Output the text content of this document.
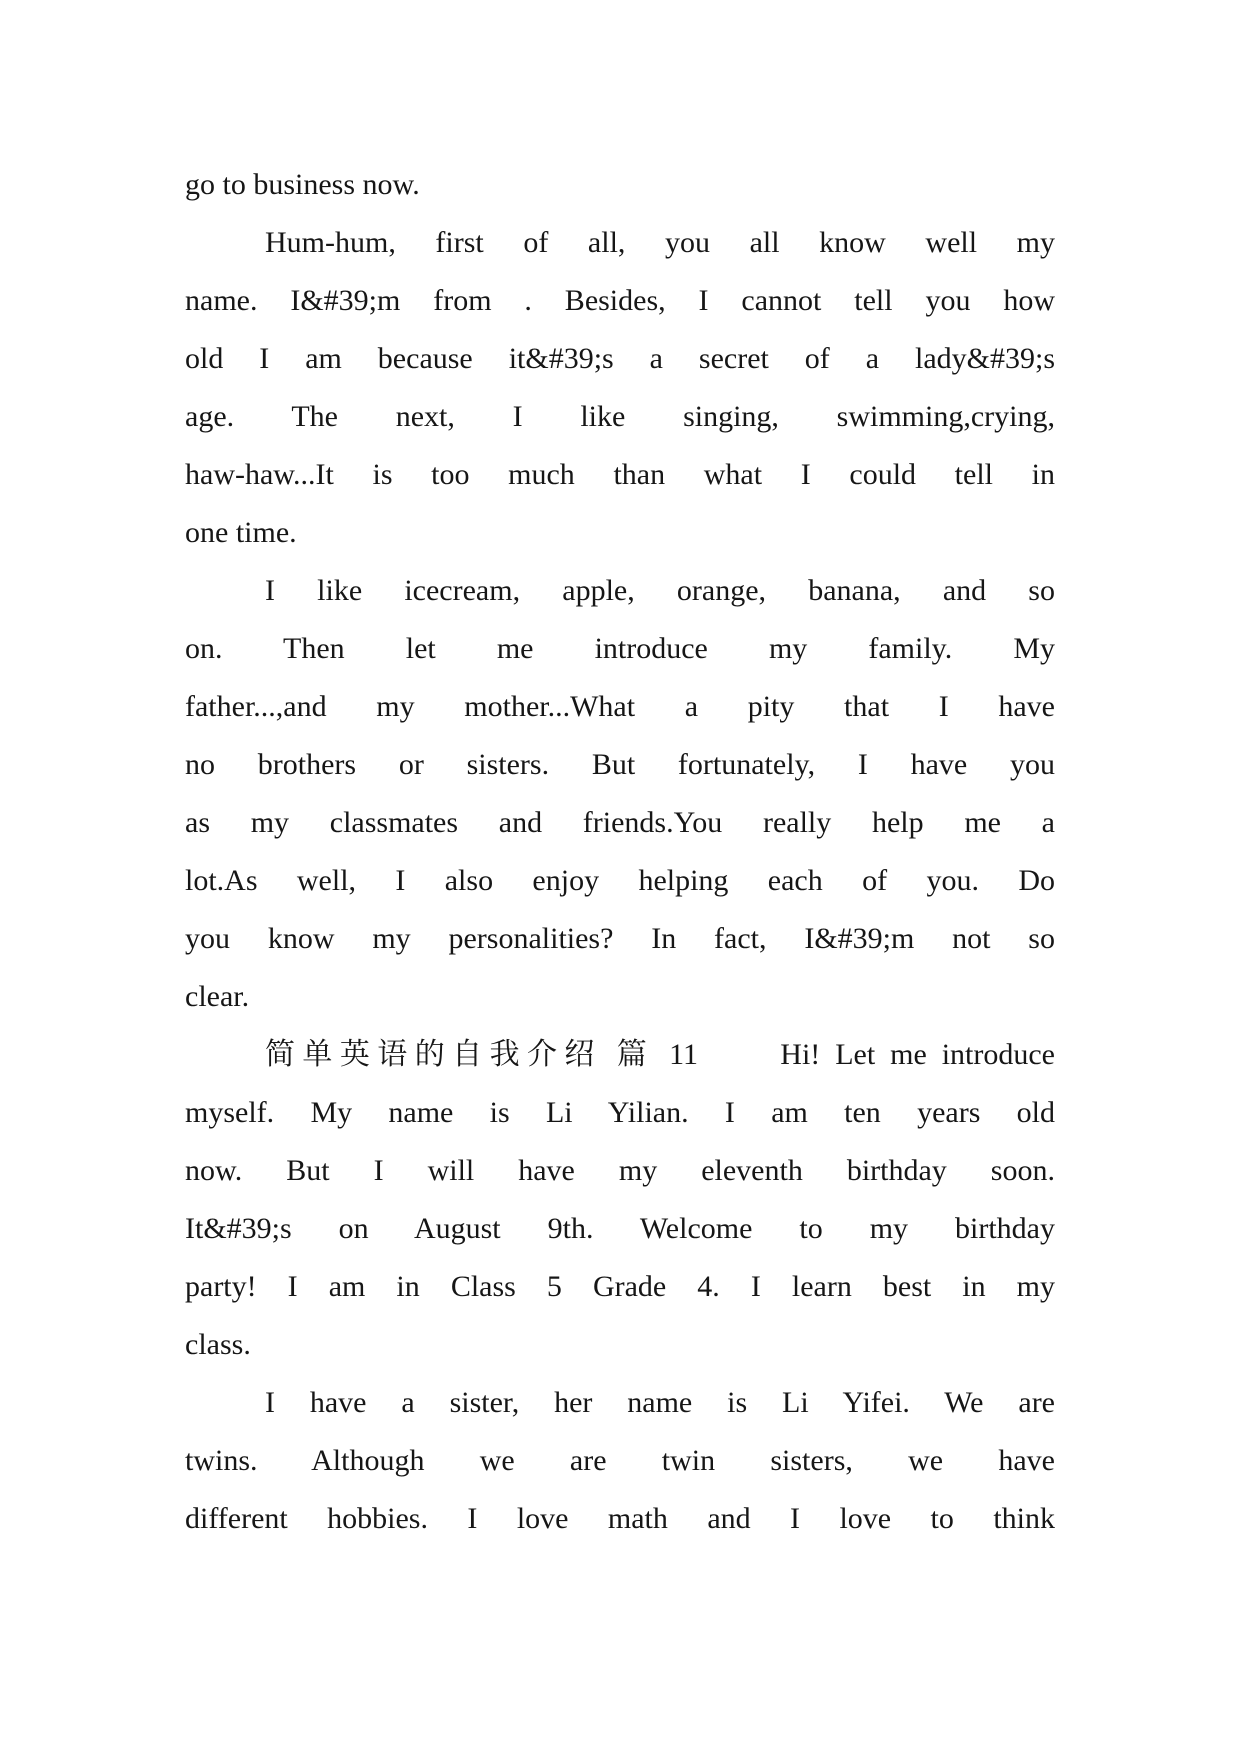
go to business now.
Hum-hum, first of all, you all know well my
name. I&#39;m from . Besides, I cannot tell you how
old I am because it&#39;s a secret of a lady&#39;s
age. The next, I like singing, swimming,crying,
haw-haw...It is too much than what I could tell in
one time.
I like icecream, apple, orange, banana, and so
on. Then let me introduce my family. My
father...,and my mother...What a pity that I have
no brothers or sisters. But fortunately, I have you
as my classmates and friends.You really help me a
lot.As well, I also enjoy helping each of you. Do
you know my personalities? In fact, I&#39;m not so
clear.
简单英语的自我介绍 篇 11　　Hi! Let me introduce
myself. My name is Li Yilian. I am ten years old
now. But I will have my eleventh birthday soon.
It&#39;s on August 9th. Welcome to my birthday
party! I am in Class 5 Grade 4. I learn best in my
class.
I have a sister, her name is Li Yifei. We are
twins. Although we are twin sisters, we have
different hobbies. I love math and I love to think
